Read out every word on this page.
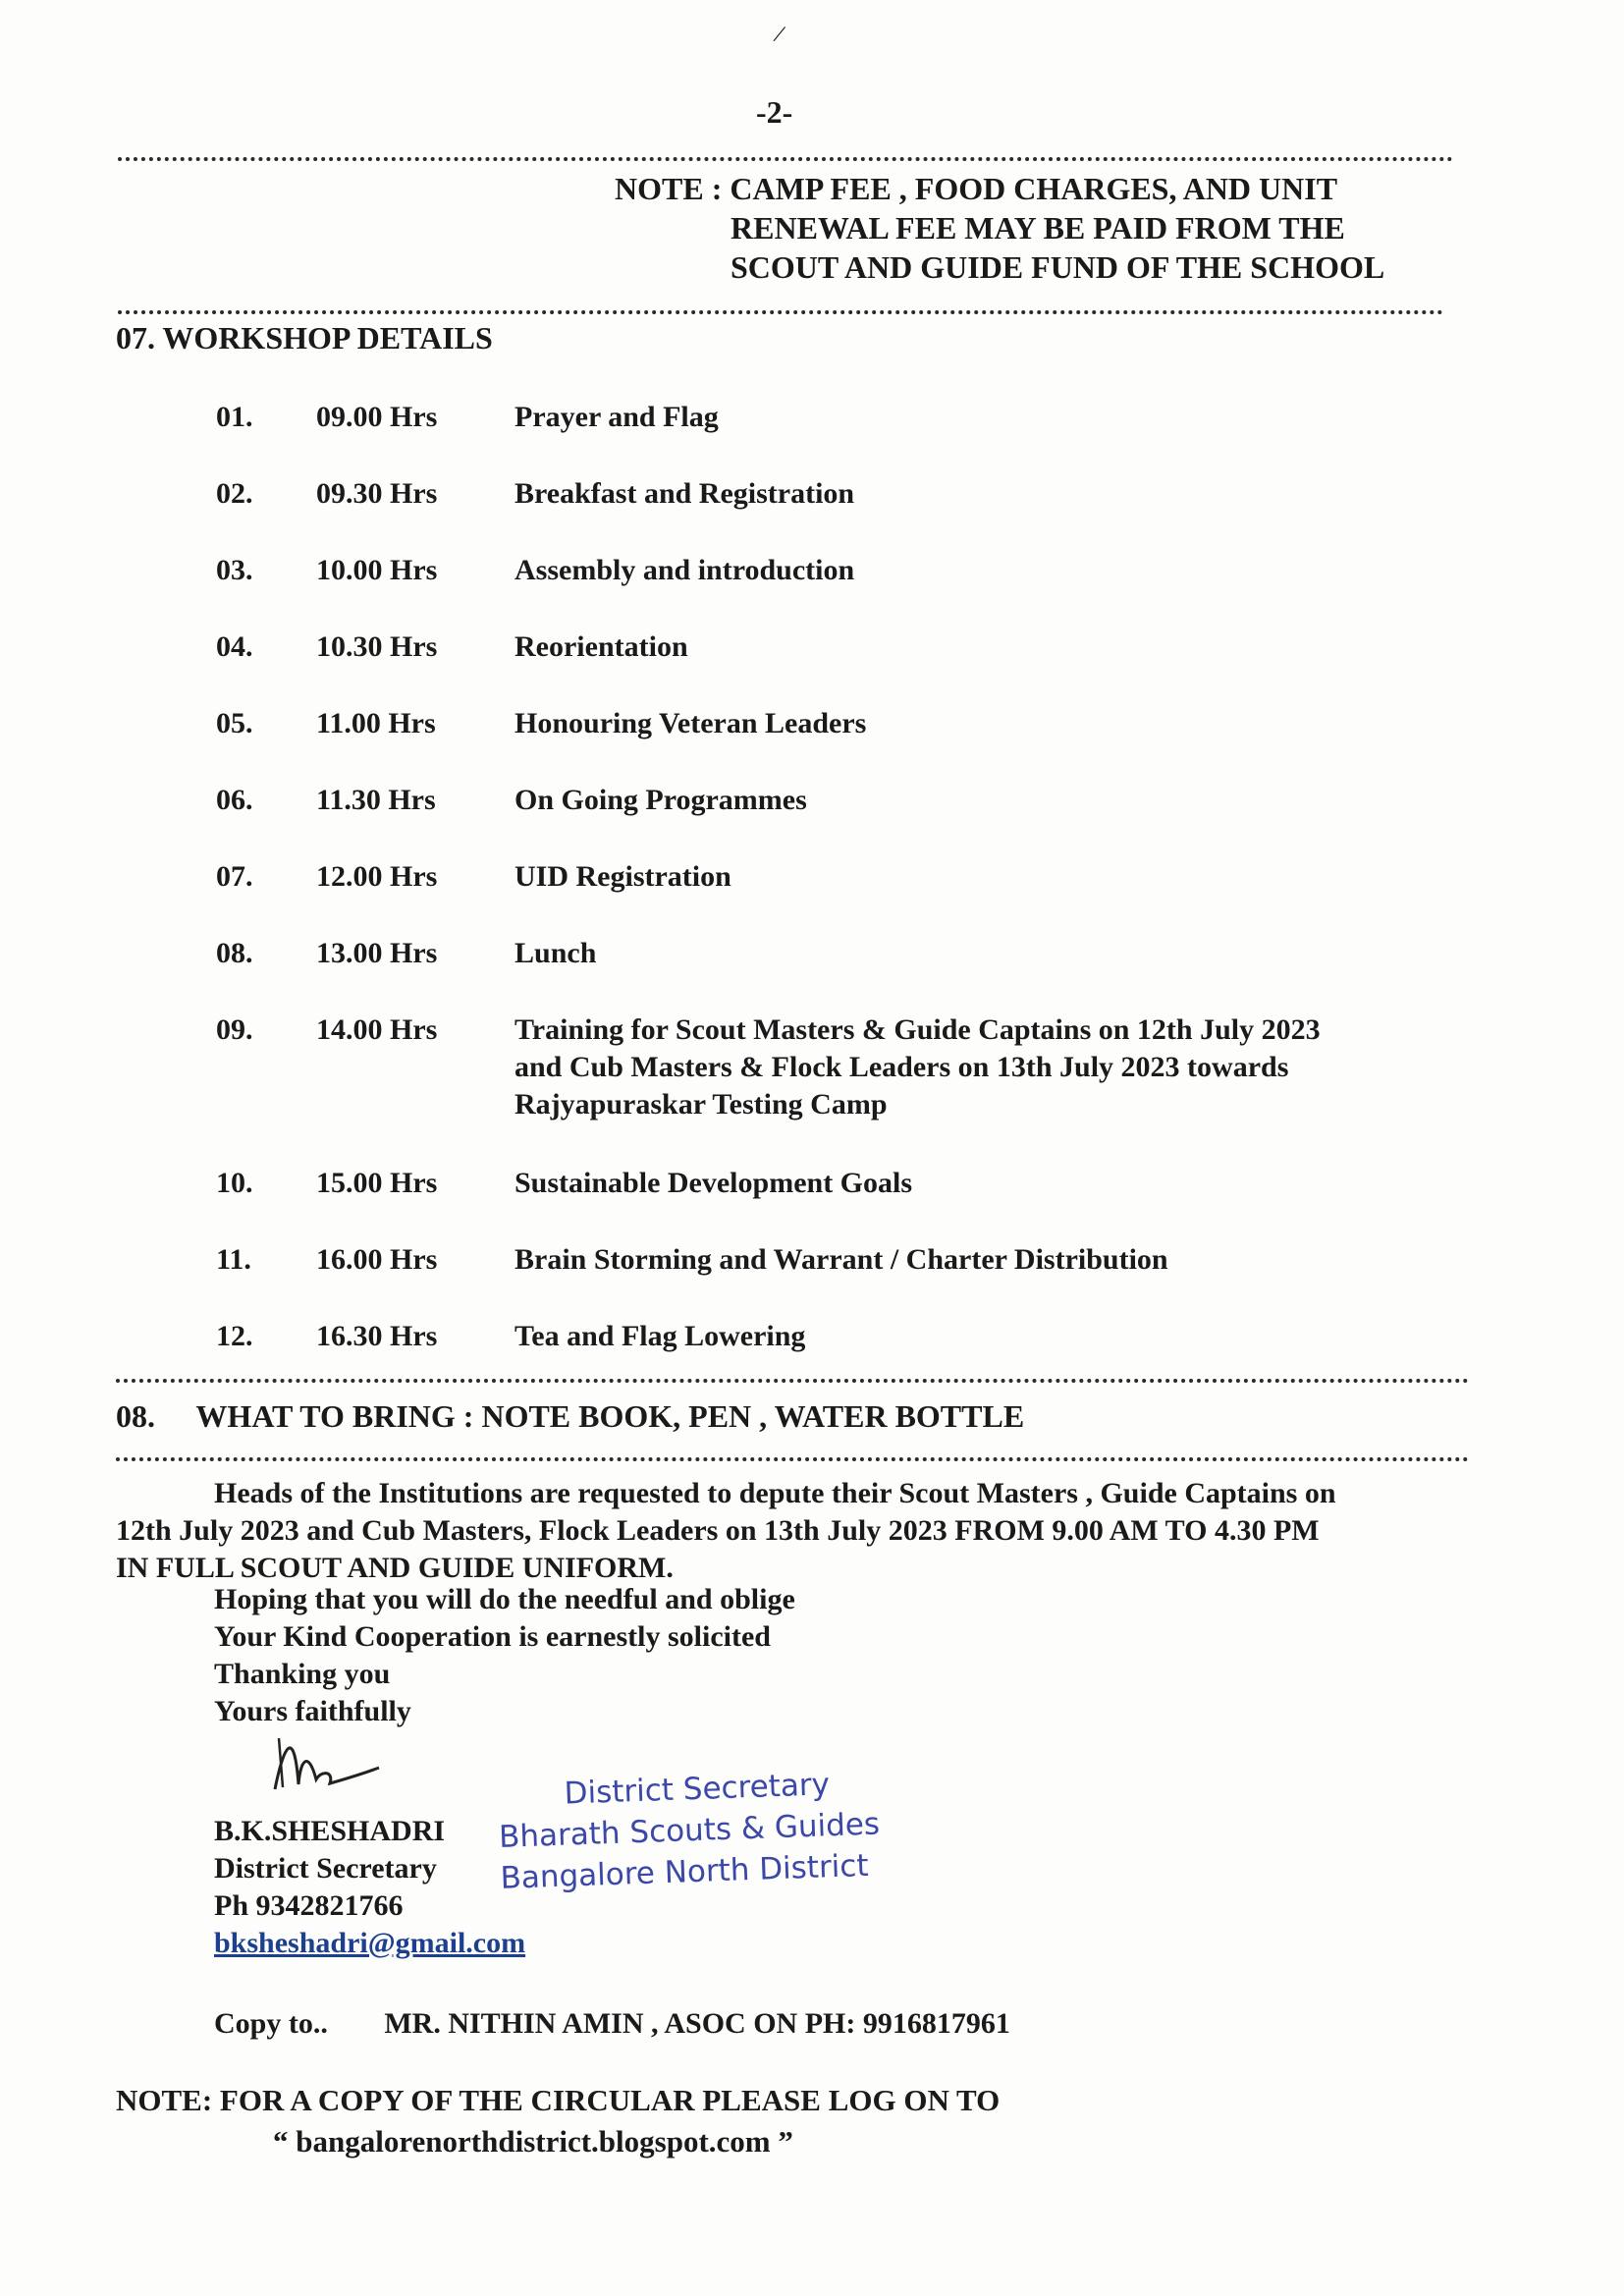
/
-2-
NOTE : CAMP FEE , FOOD CHARGES, AND UNIT
RENEWAL FEE MAY BE PAID FROM THE
SCOUT AND GUIDE FUND OF THE SCHOOL
07. WORKSHOP DETAILS
01. 09.00 Hrs	Prayer and Flag
02. 09.30 Hrs	Breakfast and Registration
03. 10.00 Hrs	Assembly and introduction
04. 10.30 Hrs	Reorientation
05. 11.00 Hrs	Honouring Veteran Leaders
06. 11.30 Hrs	On Going Programmes
07. 12.00 Hrs	UID Registration
08. 13.00 Hrs	Lunch
09. 14.00 Hrs	Training for Scout Masters & Guide Captains on 12th July 2023
and Cub Masters & Flock Leaders on 13th July 2023 towards
Rajyapuraskar Testing Camp
10. 15.00 Hrs	Sustainable Development Goals
11. 16.00 Hrs	Brain Storming and Warrant / Charter Distribution
12. 16.30 Hrs	Tea and Flag Lowering
08. WHAT TO BRING : NOTE BOOK, PEN , WATER BOTTLE
Heads of the Institutions are requested to depute their Scout Masters , Guide Captains on
12th July 2023 and Cub Masters, Flock Leaders on 13th July 2023 FROM 9.00 AM TO 4.30 PM
IN FULL SCOUT AND GUIDE UNIFORM.
Hoping that you will do the needful and oblige
Your Kind Cooperation is earnestly solicited
Thanking you
Yours faithfully
B.K.SHESHADRI
District Secretary
Ph 9342821766
bksheshadri@gmail.com
District Secretary
Bharath Scouts & Guides
Bangalore North District
Copy to.. MR. NITHIN AMIN , ASOC ON PH: 9916817961
NOTE: FOR A COPY OF THE CIRCULAR PLEASE LOG ON TO
“ bangalorenorthdistrict.blogspot.com ”
